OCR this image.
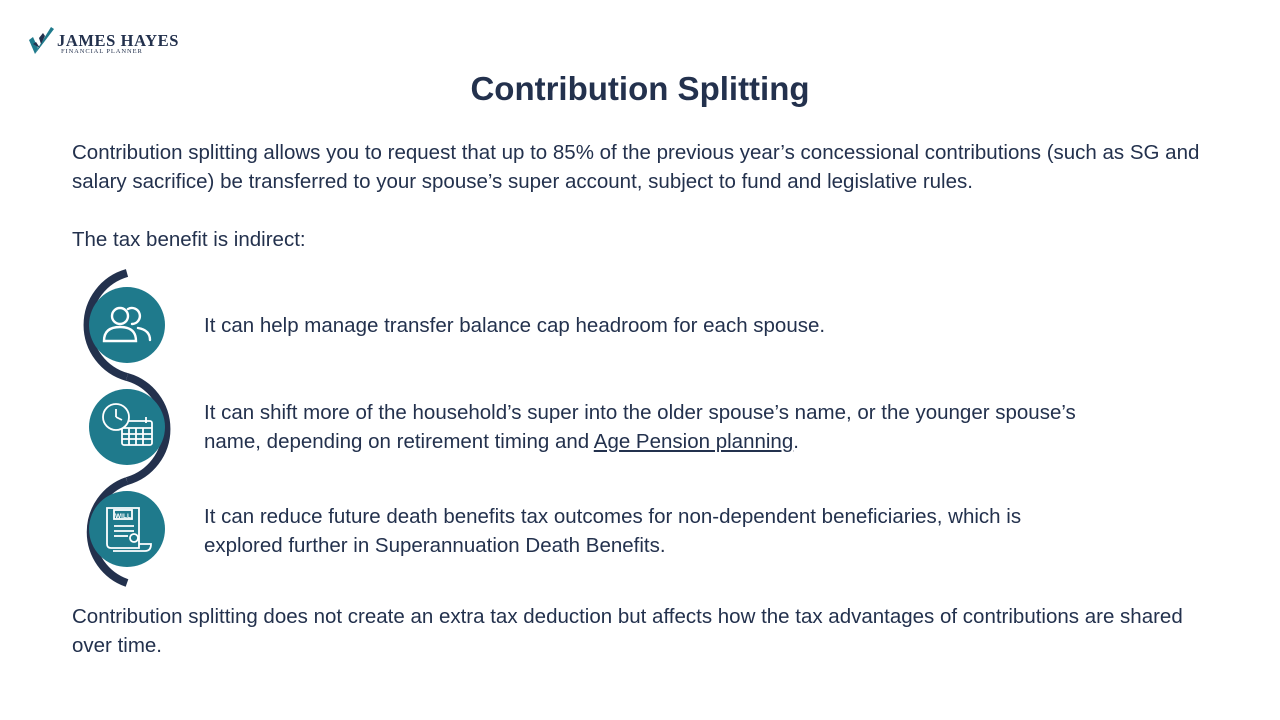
JAMES HAYES
FINANCIAL PLANNER
Contribution Splitting

Contribution splitting allows you to request that up to 85% of the previous year’s concessional contributions (such as SG and salary sacrifice) be transferred to your spouse’s super account, subject to fund and legislative rules.

The tax benefit is indirect:

WILL

It can help manage transfer balance cap headroom for each spouse.

It can shift more of the household’s super into the older spouse’s name, or the younger spouse’s name, depending on retirement timing and Age Pension planning.

It can reduce future death benefits tax outcomes for non-dependent beneficiaries, which is explored further in Superannuation Death Benefits.

Contribution splitting does not create an extra tax deduction but affects how the tax advantages of contributions are shared over time.
